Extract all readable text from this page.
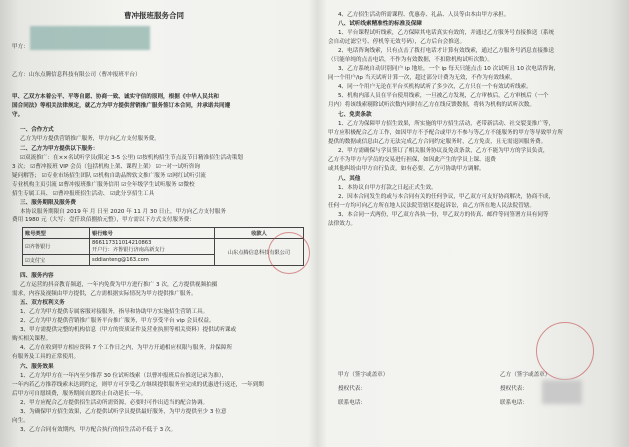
曹冲报班服务合同
甲方：
乙方：山东点腾信息科技有限公司（曹冲报班平台）
甲、乙双方本着公平、平等自愿、协商一致、诚实守信的原则，根据《中华人民共和
国合同法》等相关法律规定，就乙方为甲方提供营销推广服务签订本合同，并承诺共同遵
守。
一、合作方式
乙方为甲方提供营销推广服务，甲方向乙方支付服务费。
二、乙方为甲方提供以下服务：
☑双流推广：在××名试听学员(限定 3-5 公里) ☑按机构招生节点及节日精准招生活动策划
3 次； ☑曹冲报班 VIP 会员（包括机构上架、课程上架） ☑一对一试听咨询
疑问解答； ☑专业市场招生团队 ☑机构自助品牌软文推广服务 ☑网红试听引流
专业机构主页引流 ☑曹冲报班推广服务信用 ☑全年级学生试听服务 ☑微校
招生专属工具、 ☑曹冲报班招生活动、 ☑此分享招生工具
三、服务期限及服务费
本协议服务期限自 2019 年 月 日至 2020 年 11 月 30 日止，甲方向乙方支付服务
费用 1980 元（大写：壹仟玖佰捌拾元整），甲方需以下方式支付服务费：
账号类型	银行账号	收款人
☑齐鲁银行	866117311014210863
开户行：齐鲁银行济南高新支行	山东点腾信息科技有限公司
☑支付宝	sddianteng@163.com	
四、服务内容
乙方运营的抖音教育频道，一年内免费为甲方进行推广 3 次，乙方提供视频拍摄
需求，内容及视频由甲方提供，乙方需根据实际情况为甲方提供推广服务。
五、双方权利义务
1、乙方为甲方提供专属客服对接服务，指导和协助甲方实施招生营销工具。
2、乙方为甲方提供营销推广服务平台推广服务，甲方享受平台 vip 会员权益。
3、甲方需提供完整的机构信息（甲方的资质证件及营业执照等相关资料）提供试听课或
购买相关课程。
4、乙方在收到甲方相应资料 7 个工作日之内，为甲方开通相应权限与服务，并保障所
有服务及工具的正常使用。
六、服务效果
1、乙方为甲方在一年内至少推荐 30 位试听线索（以曹冲报班后台推送记录为准），
一年内若乙方推荐线索未达到约定，则甲方可享受乙方继续提供服务至完成的优惠进行返还，一年到期
后甲方可自愿续费，服务期间自愿终止自动延长一年。
2、甲方应配合乙方提供招生活动所需资源，必要时可作出适当的配合协调。
3、为确保甲方招生效果，乙方提供试听学员提供最好服务，为甲方提供至少 3 位意
向生。
3、乙方合同有效期内，甲方配合执行的招生活动不低于 3 次。
4、乙方招生活动所需课程、优惠券、礼品、人员等由本由甲方承担。
八、试听线索精准性的标准及保障
1、平台课程试听线索，乙方保障其电话真实有效的，并通过乙方服务号直接推送（系统
会自动过滤空号、停机等无效号码），乙方后台会推送。
2、电话咨询线索，只有点击了拨打电话才计算有效线索，通过乙方服务号消息直接推送
（只能单纯的点击电话，不作为有效数据，不扣除机构试听次数）。
3、乙方系统自动识别同户 ip 地址，一个 ip 每天只能点击 10 次试听且 10 次电话咨询，
同一个用户/ip 当天试听计算一次，超过部分计费为无效，不作为有效线索。
4、同一个用户无论在平台买机构试听了多少次，乙方只在一个有效试听线索。
5、机构内部人员在平台使用线索，一旦被乙方发现，乙方审核后，乙方审核后（一个
月内）将该线索剔除试听次数内同时在乙方在线反馈数据，将转为机构的试听次数。
七、免责条款
1、乙方为保障甲方招生效果，所实施的甲方招生活动，老带新活动、社交裂变推广等，
甲方应积极配合乙方工作，如因甲方不予配合或甲方不参与等乙方不能服务的甲方等导致甲方所
提供的数据或信息由乙方无法完成乙方合同约定服务时，乙方免责，且无需退回服务费。
2、甲方需确保与学员签订了相关服务协议及免责条款，乙方不能为甲方的学员负责，
乙方不为甲方与学员的交易进行担保，如因此产生的学员上课、退费
或其他纠纷由甲方自行负责，如有必要，乙方可协助甲方调解。
八、其他
1、本协议自甲方打款之日起正式生效。
2、因本合同发生的或与本合同有关的任何争议，甲乙双方可友好协商解决，协商不成，
任何一方均可向乙方所在地人民法院管辖区提起诉讼，由乙方所在地人民法院管辖。
3、本合同一式两份，甲乙双方各执一份，甲乙双方的传真、邮件等同签署方具有同等
法律效力。
甲方（签字或盖章）	乙方（签字或盖章）
授权代表：	授权代表：
联系电话：	联系电话：
